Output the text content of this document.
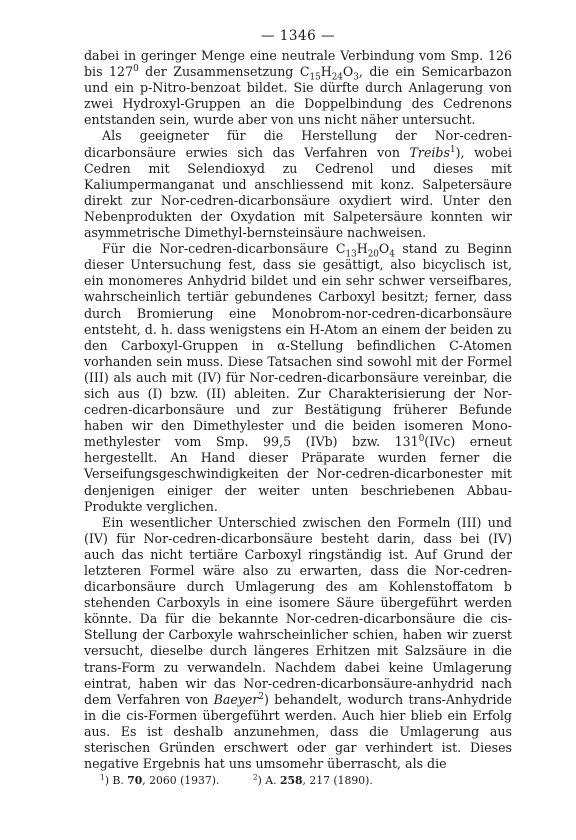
— 1346 —

dabei in geringer Menge eine neutrale Verbindung vom Smp. 126 bis $127^0$ der Zusammensetzung $C_{15}H_{24}O_3$, die ein Semicarbazon und ein p-Nitro-benzoat bildet. Sie dürfte durch Anlagerung von zwei Hydroxyl-Gruppen an die Doppelbindung des Cedrenons entstanden sein, wurde aber von uns nicht näher untersucht.

Als geeigneter für die Herstellung der Nor-cedren-dicarbonsäure erwies sich das Verfahren von Treibs$^1$), wobei Cedren mit Selendioxyd zu Cedrenol und dieses mit Kaliumpermanganat und anschliessend mit konz. Salpetersäure direkt zur Nor-cedren-dicarbonsäure oxydiert wird. Unter den Nebenprodukten der Oxydation mit Salpetersäure konnten wir asymmetrische Dimethyl-bernsteinsäure nachweisen.

Für die Nor-cedren-dicarbonsäure $C_{13}H_{20}O_4$ stand zu Beginn dieser Untersuchung fest, dass sie gesättigt, also bicyclisch ist, ein monomeres Anhydrid bildet und ein sehr schwer verseifbares, wahrscheinlich tertiär gebundenes Carboxyl besitzt; ferner, dass durch Bromierung eine Monobrom-nor-cedren-dicarbonsäure entsteht, d. h. dass wenigstens ein H-Atom an einem der beiden zu den Carboxyl-Gruppen in α-Stellung befindlichen C-Atomen vorhanden sein muss. Diese Tatsachen sind sowohl mit der Formel (III) als auch mit (IV) für Nor-cedren-dicarbonsäure vereinbar, die sich aus (I) bzw. (II) ableiten. Zur Charakterisierung der Nor-cedren-dicarbonsäure und zur Bestätigung früherer Befunde haben wir den Dimethylester und die beiden isomeren Mono-methylester vom Smp. 99,5 (IVb) bzw. $131^0(IVc)$ erneut hergestellt. An Hand dieser Präparate wurden ferner die Verseifungsgeschwindigkeiten der Nor-cedren-dicarbonester mit denjenigen einiger der weiter unten beschriebenen Abbau-Produkte verglichen.

Ein wesentlicher Unterschied zwischen den Formeln (III) und (IV) für Nor-cedren-dicarbonsäure besteht darin, dass bei (IV) auch das nicht tertiäre Carboxyl ringständig ist. Auf Grund der letzteren Formel wäre also zu erwarten, dass die Nor-cedren-dicarbonsäure durch Umlagerung des am Kohlenstoffatom b stehenden Carboxyls in eine isomere Säure übergeführt werden könnte. Da für die bekannte Nor-cedren-dicarbonsäure die cis-Stellung der Carboxyle wahrscheinlicher schien, haben wir zuerst versucht, dieselbe durch längeres Erhitzen mit Salzsäure in die trans-Form zu verwandeln. Nachdem dabei keine Umlagerung eintrat, haben wir das Nor-cedren-dicarbonsäure-anhydrid nach dem Verfahren von Baeyer$^2$) behandelt, wodurch trans-Anhydride in die cis-Formen übergeführt werden. Auch hier blieb ein Erfolg aus. Es ist deshalb anzunehmen, dass die Umlagerung aus sterischen Gründen erschwert oder gar verhindert ist. Dieses negative Ergebnis hat uns umsomehr überrascht, als die

$^1$) B. 70, 2060 (1937).	$^2$) A. 258, 217 (1890).
